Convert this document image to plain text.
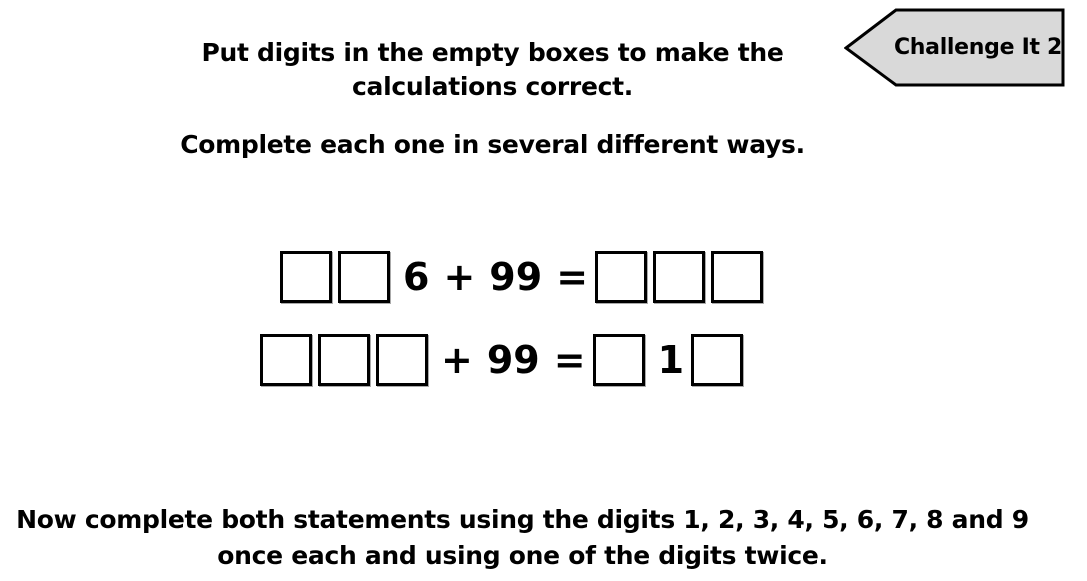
Put digits in the empty boxes to make the
calculations correct.
Complete each one in several different ways.
Challenge It 2
6 + 99 =
+ 99 = 1
Now complete both statements using the digits 1, 2, 3, 4, 5, 6, 7, 8 and 9
once each and using one of the digits twice.
